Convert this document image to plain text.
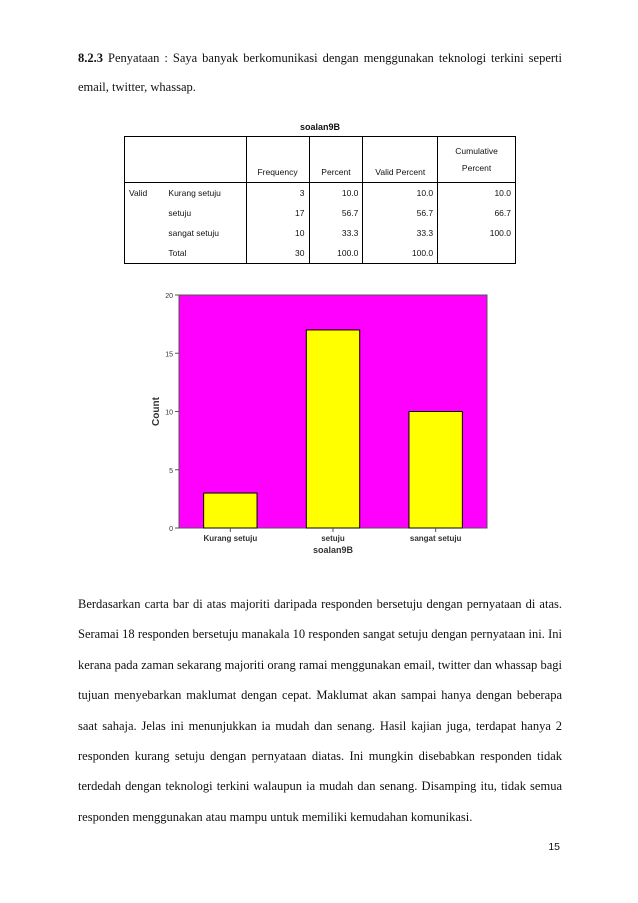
8.2.3 Penyataan : Saya banyak berkomunikasi dengan menggunakan teknologi terkini seperti email, twitter, whassap.
soalan9B
		Frequency	Percent	Valid Percent	Cumulative
Percent
Valid	Kurang setuju	3	10.0	10.0	10.0
	setuju	17	56.7	56.7	66.7
	sangat setuju	10	33.3	33.3	100.0
	Total	30	100.0	100.0	
0
5
10
15
20
Kurang setuju	setuju	sangat setuju
soalan9B
Count
Berdasarkan carta bar di atas majoriti daripada responden bersetuju dengan pernyataan di atas. Seramai 18 responden bersetuju manakala 10 responden sangat setuju dengan pernyataan ini. Ini kerana pada zaman sekarang majoriti orang ramai menggunakan email, twitter dan whassap bagi tujuan menyebarkan maklumat dengan cepat. Maklumat akan sampai hanya dengan beberapa saat sahaja. Jelas ini menunjukkan ia mudah dan senang. Hasil kajian juga, terdapat hanya 2 responden kurang setuju dengan pernyataan diatas. Ini mungkin disebabkan responden tidak terdedah dengan teknologi terkini walaupun ia mudah dan senang. Disamping itu, tidak semua responden menggunakan atau mampu untuk memiliki kemudahan komunikasi.
15
